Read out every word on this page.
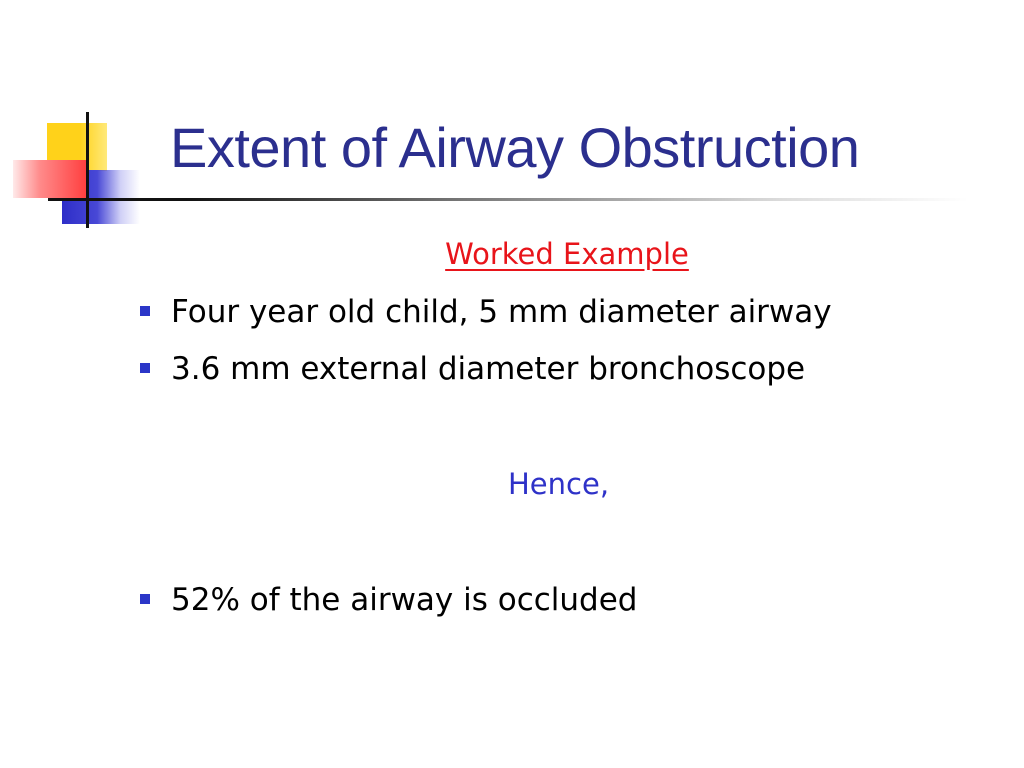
Extent of Airway Obstruction
Worked Example
Four year old child, 5 mm diameter airway
3.6 mm external diameter bronchoscope
52% of the airway is occluded
Hence,
